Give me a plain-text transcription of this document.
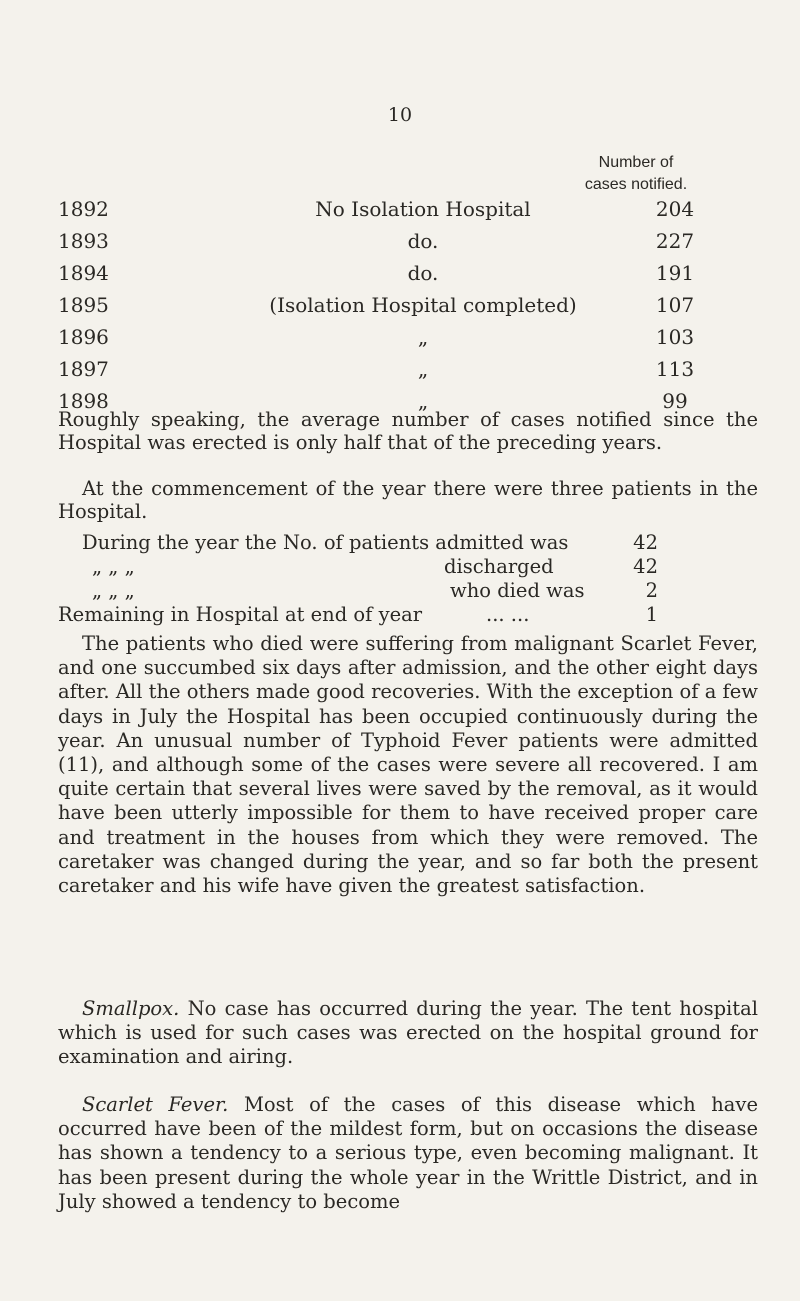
10
Number of
cases notified.
1892	No Isolation Hospital	204
1893	do.	227
1894	do.	191
1895	(Isolation Hospital completed)	107
1896	„	103
1897	„	113
1898	„	99

Roughly speaking, the average number of cases notified since the Hospital was erected is only half that of the preceding years.

At the commencement of the year there were three patients in the Hospital.

During the year the No. of patients admitted was	42
„ „ „	discharged	42
„ „ „	who died was	2
Remaining in Hospital at end of year	... ...	1

The patients who died were suffering from malignant Scarlet Fever, and one succumbed six days after admission, and the other eight days after. All the others made good recoveries. With the exception of a few days in July the Hospital has been occupied continuously during the year. An unusual number of Typhoid Fever patients were admitted (11), and although some of the cases were severe all recovered. I am quite certain that several lives were saved by the removal, as it would have been utterly impossible for them to have received proper care and treatment in the houses from which they were removed. The caretaker was changed during the year, and so far both the present caretaker and his wife have given the greatest satisfaction.

Smallpox. No case has occurred during the year. The tent hospital which is used for such cases was erected on the hospital ground for examination and airing.

Scarlet Fever. Most of the cases of this disease which have occurred have been of the mildest form, but on occasions the disease has shown a tendency to a serious type, even becoming malignant. It has been present during the whole year in the Writtle District, and in July showed a tendency to become
